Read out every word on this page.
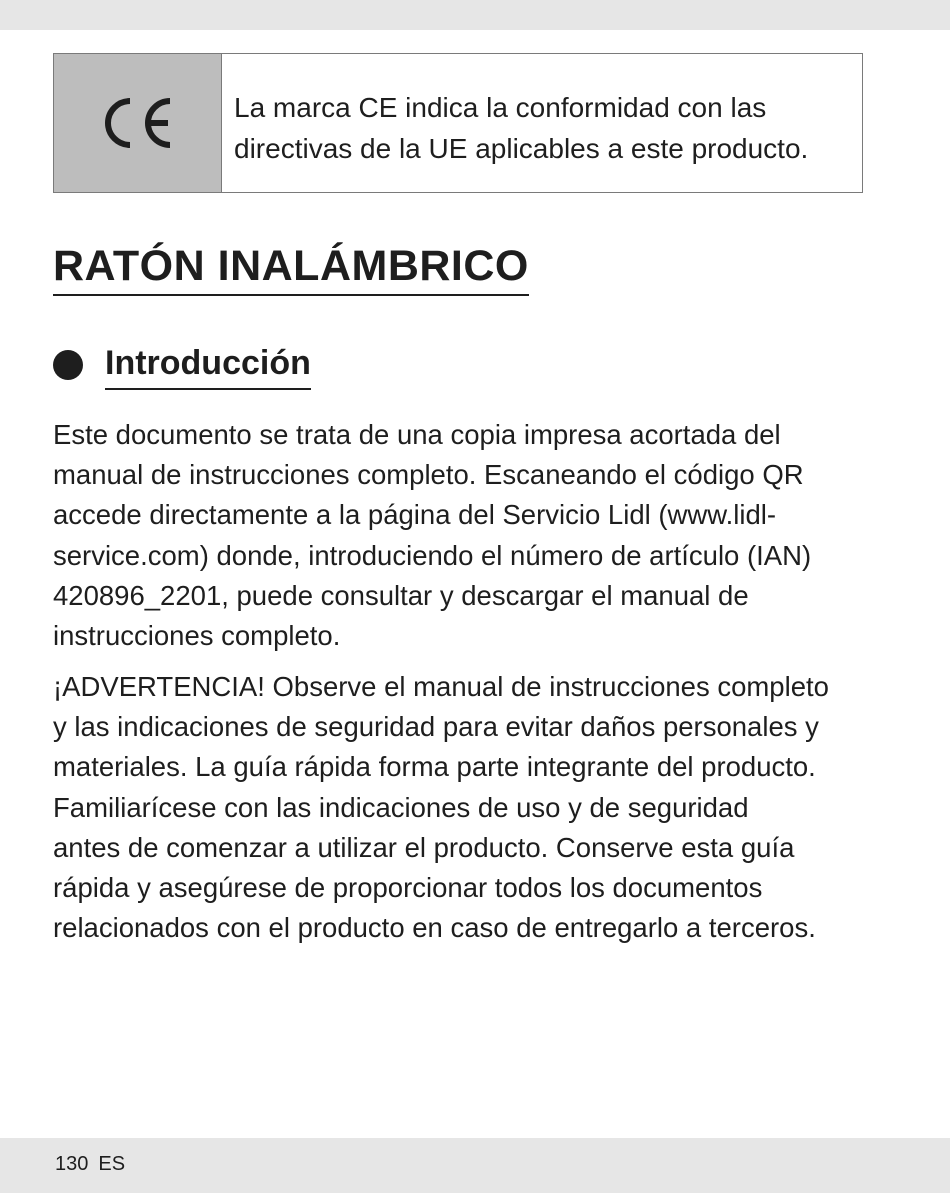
La marca CE indica la conformidad con las
directivas de la UE aplicables a este producto.
RATÓN INALÁMBRICO
Introducción

Este documento se trata de una copia impresa acortada del
manual de instrucciones completo. Escaneando el código QR
accede directamente a la página del Servicio Lidl (www.lidl-
service.com) donde, introduciendo el número de artículo (IAN)
420896_2201, puede consultar y descargar el manual de
instrucciones completo.

¡ADVERTENCIA! Observe el manual de instrucciones completo
y las indicaciones de seguridad para evitar daños personales y
materiales. La guía rápida forma parte integrante del producto.
Familiarícese con las indicaciones de uso y de seguridad
antes de comenzar a utilizar el producto. Conserve esta guía
rápida y asegúrese de proporcionar todos los documentos
relacionados con el producto en caso de entregarlo a terceros.

130 ES
